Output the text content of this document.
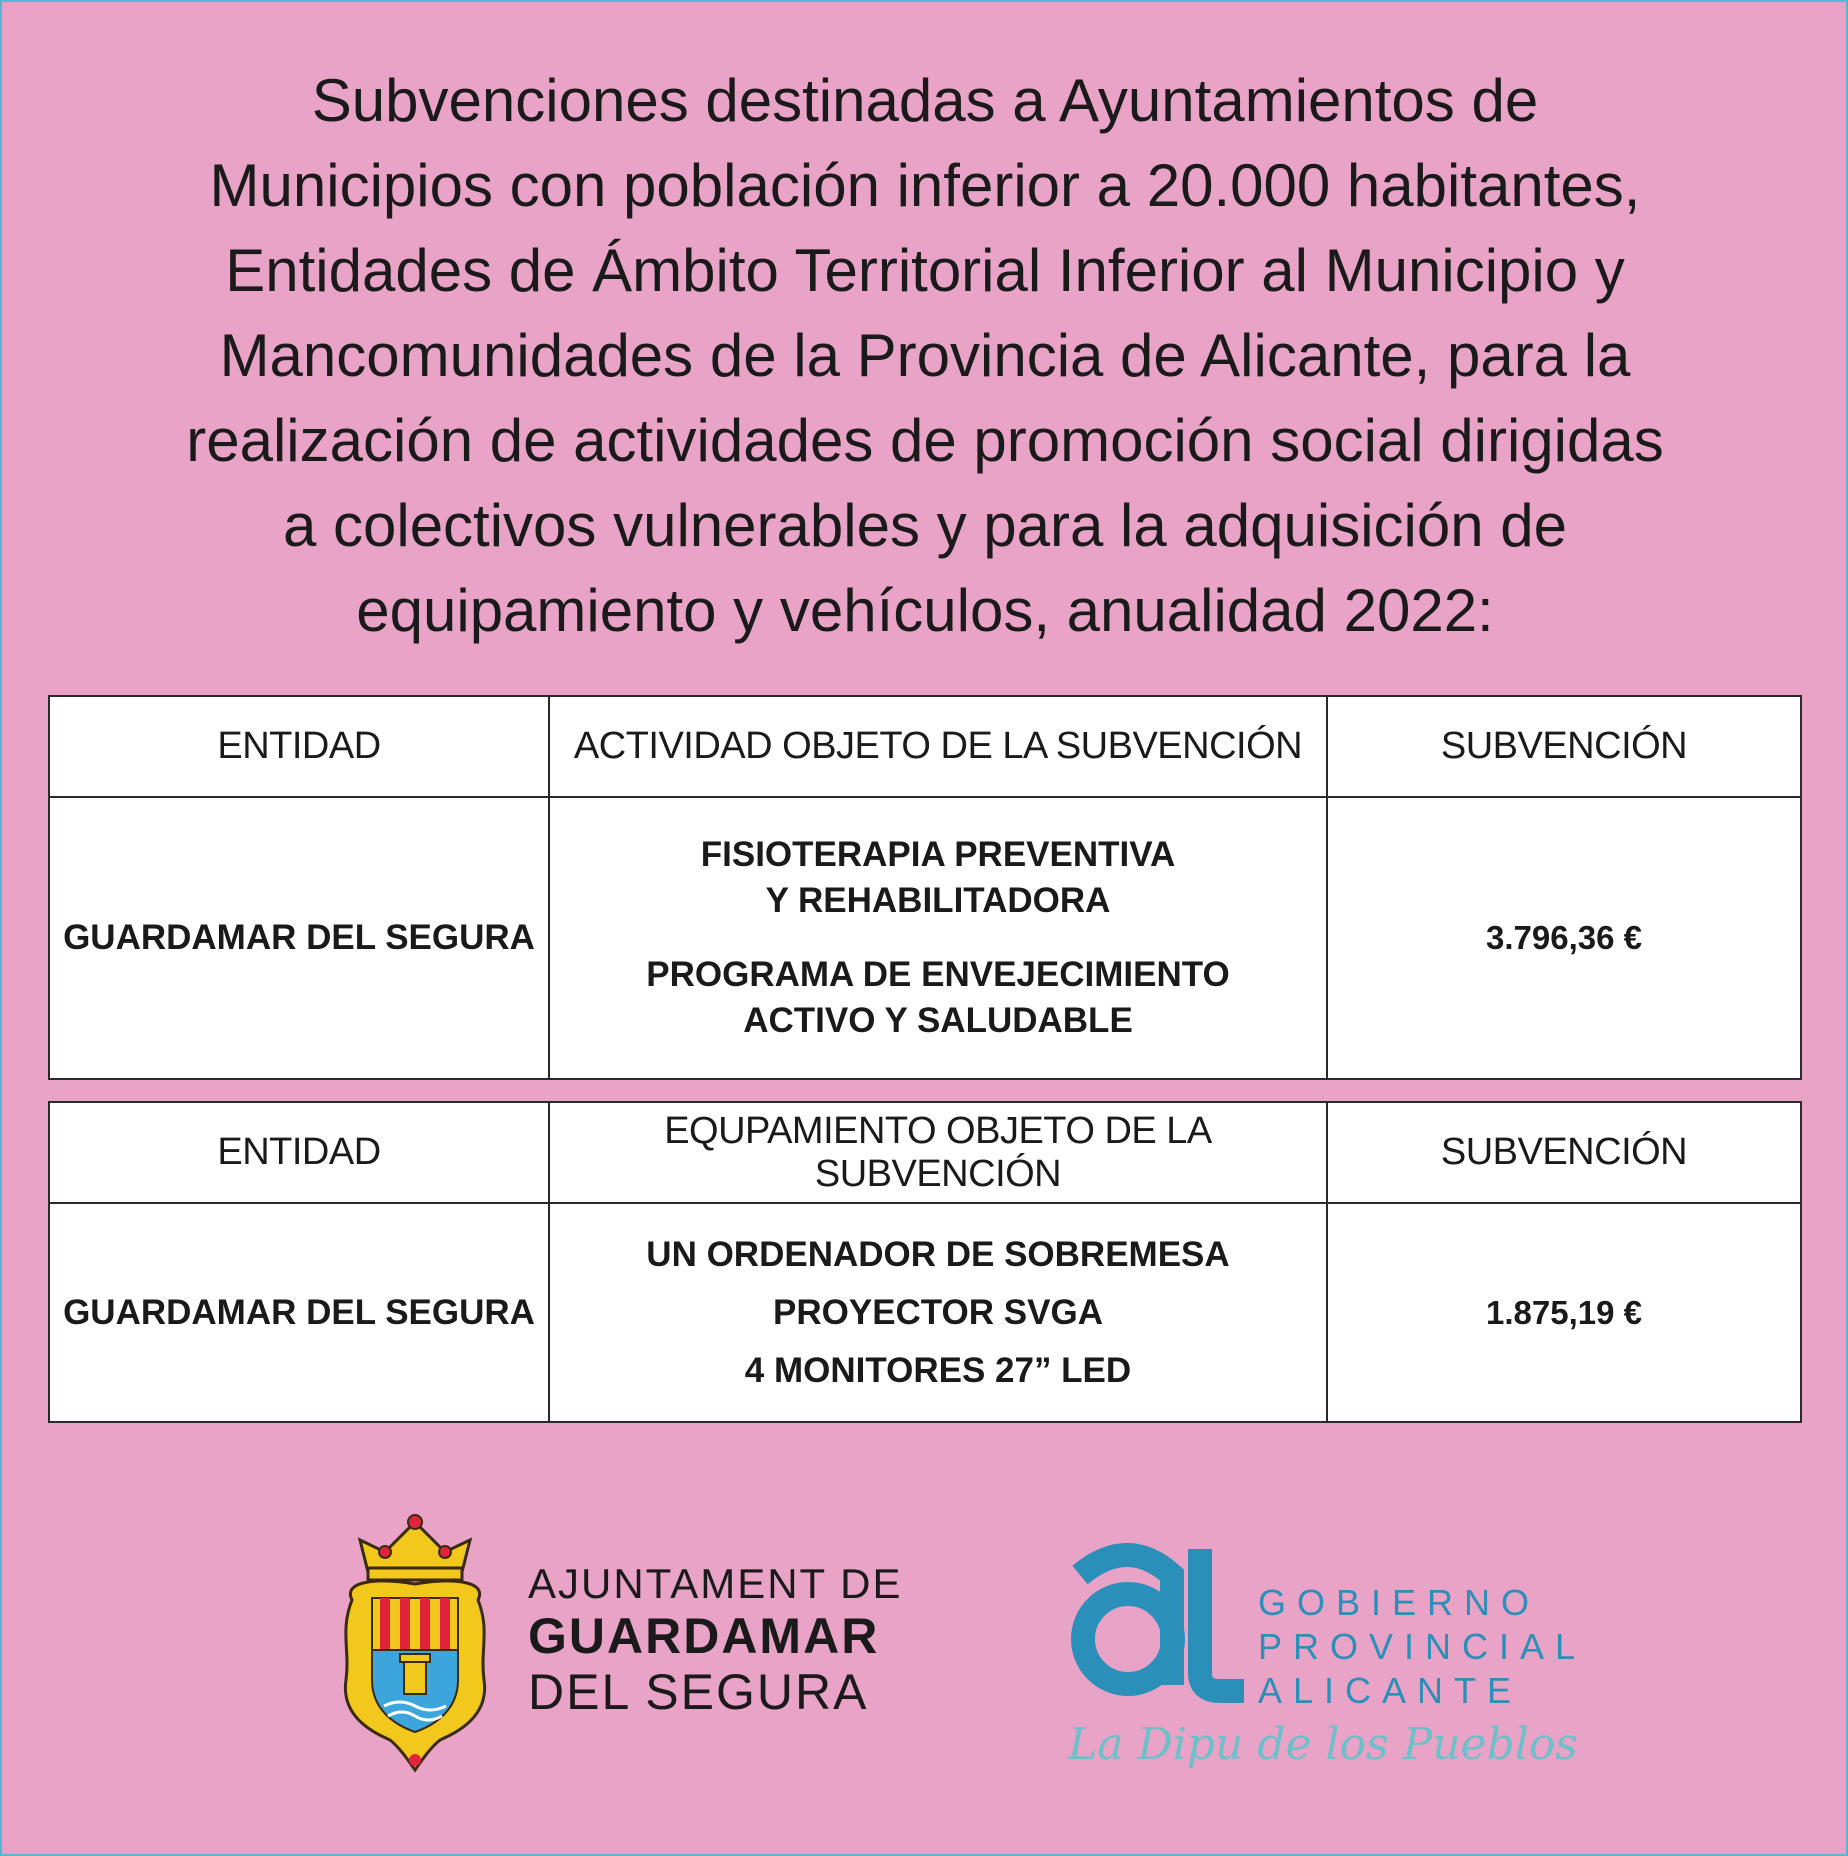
Subvenciones destinadas a Ayuntamientos de
Municipios con población inferior a 20.000 habitantes,
Entidades de Ámbito Territorial Inferior al Municipio y
Mancomunidades de la Provincia de Alicante, para la
realización de actividades de promoción social dirigidas
a colectivos vulnerables y para la adquisición de
equipamiento y vehículos, anualidad 2022:
ENTIDAD	ACTIVIDAD OBJETO DE LA SUBVENCIÓN	SUBVENCIÓN
GUARDAMAR DEL SEGURA	FISIOTERAPIA PREVENTIVA
Y REHABILITADORA
PROGRAMA DE ENVEJECIMIENTO
ACTIVO Y SALUDABLE	3.796,36 €
ENTIDAD	EQUPAMIENTO OBJETO DE LA SUBVENCIÓN	SUBVENCIÓN
GUARDAMAR DEL SEGURA	UN ORDENADOR DE SOBREMESA
PROYECTOR SVGA
4 MONITORES 27” LED	1.875,19 €
AJUNTAMENT DE
GUARDAMAR
DEL SEGURA
GOBIERNO
PROVINCIAL
ALICANTE
La Dipu de los Pueblos
